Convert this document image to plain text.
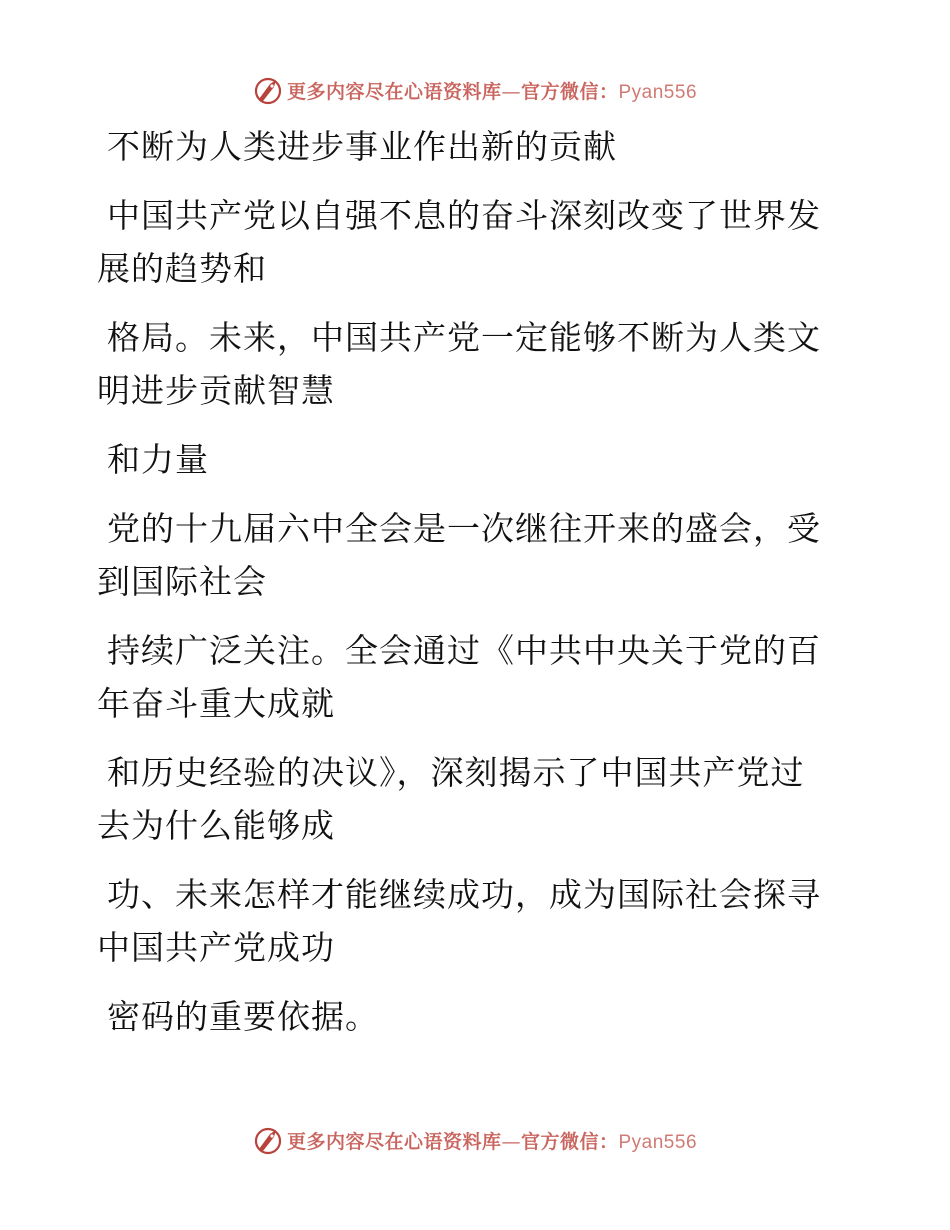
更多内容尽在心语资料库—官方微信：Pyan556

不断为人类进步事业作出新的贡献

中国共产党以自强不息的奋斗深刻改变了世界发展的趋势和

格局。未来，中国共产党一定能够不断为人类文明进步贡献智慧

和力量

党的十九届六中全会是一次继往开来的盛会，受到国际社会

持续广泛关注。全会通过《中共中央关于党的百年奋斗重大成就

和历史经验的决议》，深刻揭示了中国共产党过去为什么能够成

功、未来怎样才能继续成功，成为国际社会探寻中国共产党成功

密码的重要依据。

更多内容尽在心语资料库—官方微信：Pyan556
